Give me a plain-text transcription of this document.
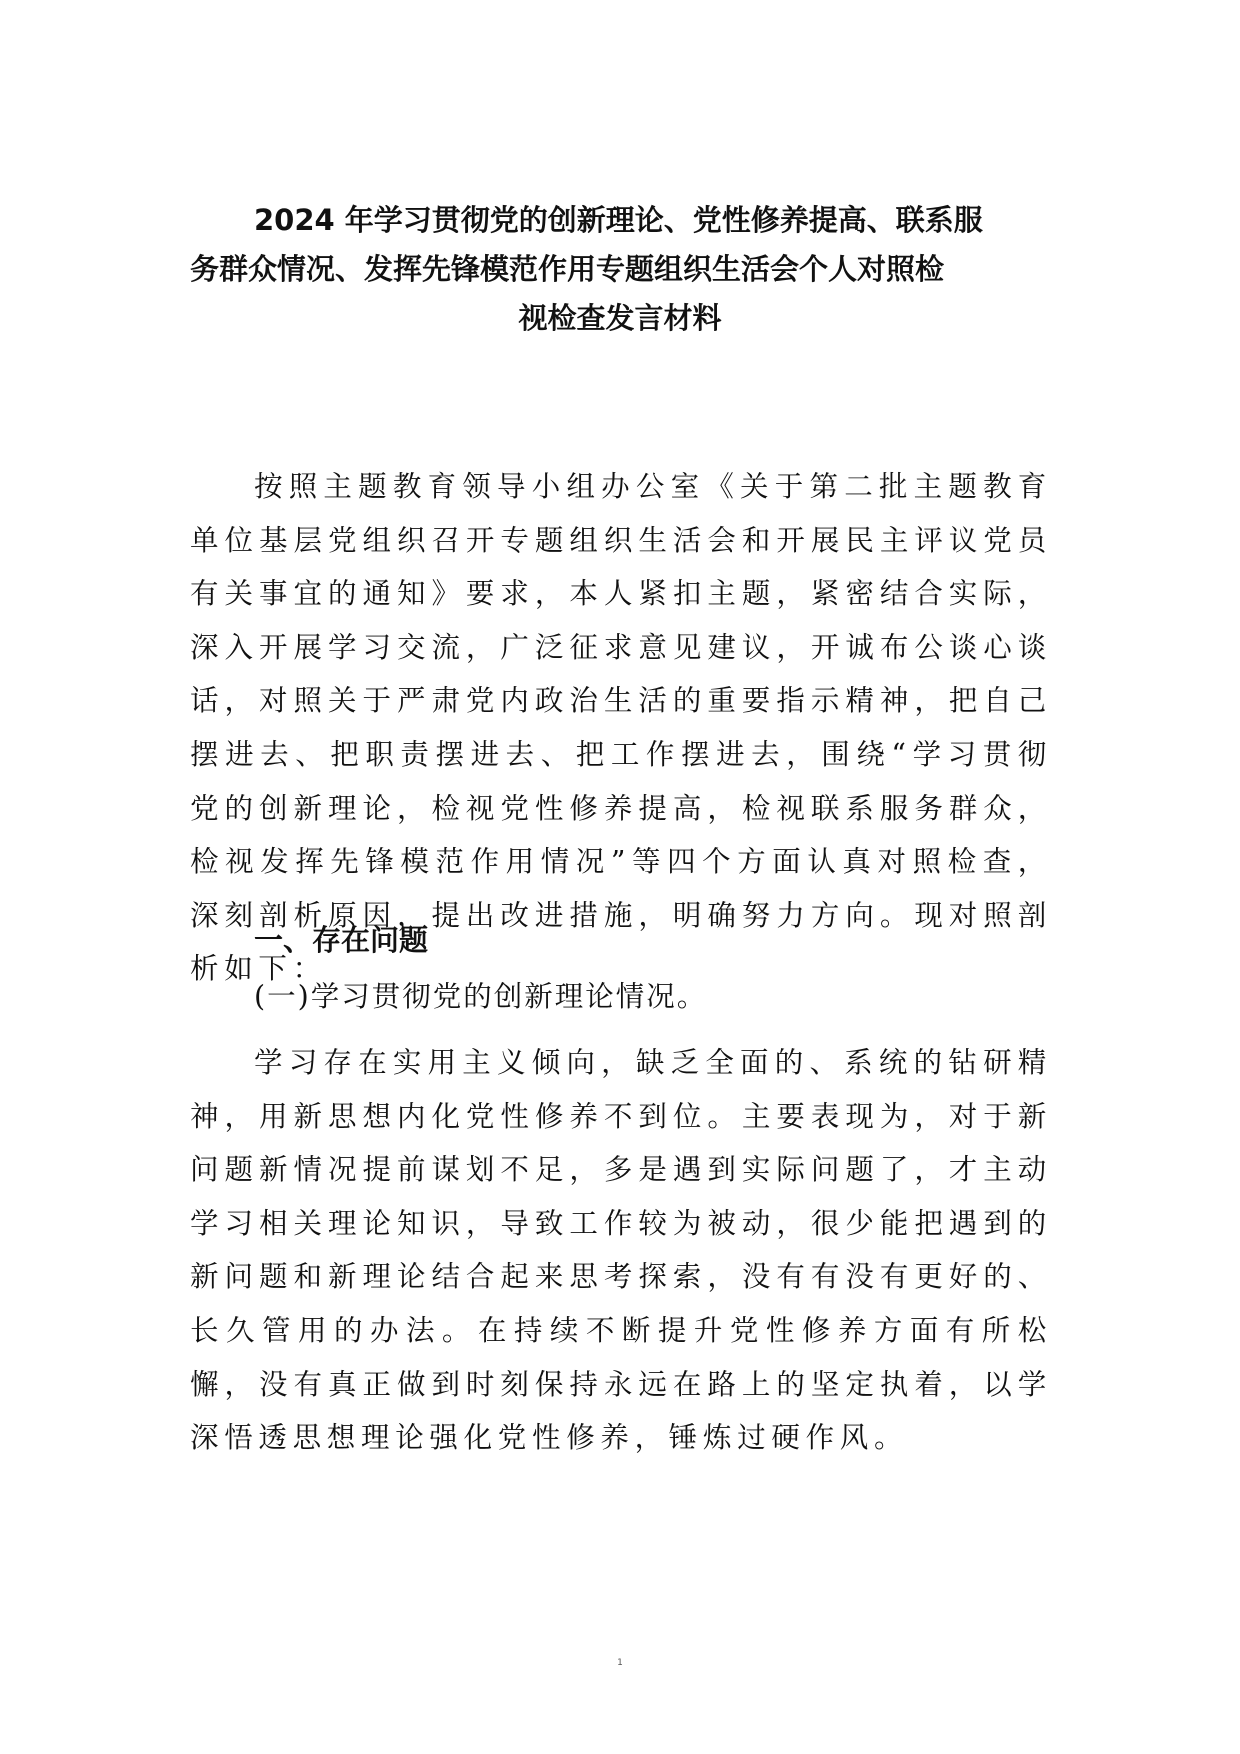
2024 年学习贯彻党的创新理论、党性修养提高、联系服
务群众情况、发挥先锋模范作用专题组织生活会个人对照检
视检查发言材料

按照主题教育领导小组办公室《关于第二批主题教育单位基层党组织召开专题组织生活会和开展民主评议党员有关事宜的通知》要求，本人紧扣主题，紧密结合实际，深入开展学习交流，广泛征求意见建议，开诚布公谈心谈话，对照关于严肃党内政治生活的重要指示精神，把自己摆进去、把职责摆进去、把工作摆进去，围绕“学习贯彻党的创新理论，检视党性修养提高，检视联系服务群众，检视发挥先锋模范作用情况”等四个方面认真对照检查，深刻剖析原因，提出改进措施，明确努力方向。现对照剖析如下：

一、存在问题

(一)学习贯彻党的创新理论情况。

学习存在实用主义倾向，缺乏全面的、系统的钻研精神，用新思想内化党性修养不到位。主要表现为，对于新问题新情况提前谋划不足，多是遇到实际问题了，才主动学习相关理论知识，导致工作较为被动，很少能把遇到的新问题和新理论结合起来思考探索，没有有没有更好的、长久管用的办法。在持续不断提升党性修养方面有所松懈，没有真正做到时刻保持永远在路上的坚定执着，以学深悟透思想理论强化党性修养，锤炼过硬作风。

1
